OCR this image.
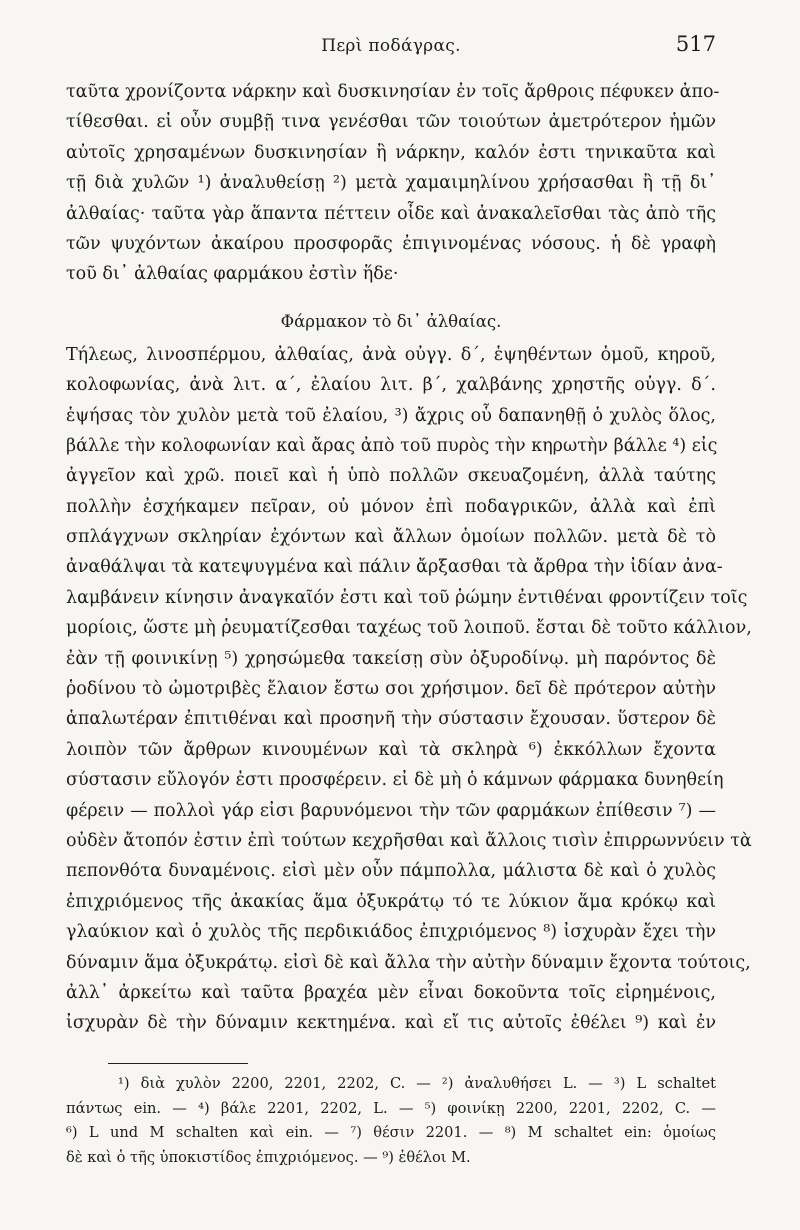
Περὶ ποδάγρας.	517
ταῦτα χρονίζοντα νάρκην καὶ δυσκινησίαν ἐν τοῖς ἄρθροις πέφυκεν ἀπο-
τίθεσθαι. εἰ οὖν συμβῇ τινα γενέσθαι τῶν τοιούτων ἀμετρότερον ἡμῶν
αὐτοῖς χρησαμένων δυσκινησίαν ἢ νάρκην, καλόν ἐστι τηνικαῦτα καὶ
τῇ διὰ χυλῶν ¹) ἀναλυθείσῃ ²) μετὰ χαμαιμηλίνου χρήσασθαι ἢ τῇ δι᾽
ἀλθαίας· ταῦτα γὰρ ἅπαντα πέττειν οἶδε καὶ ἀνακαλεῖσθαι τὰς ἀπὸ τῆς
τῶν ψυχόντων ἀκαίρου προσφορᾶς ἐπιγινομένας νόσους. ἡ δὲ γραφὴ
τοῦ δι᾽ ἀλθαίας φαρμάκου ἐστὶν ἥδε·
Φάρμακον τὸ δι᾽ ἀλθαίας.
Τήλεως, λινοσπέρμου, ἀλθαίας, ἀνὰ οὐγγ. δ΄, ἑψηθέντων ὁμοῦ, κηροῦ,
κολοφωνίας, ἀνὰ λιτ. α΄, ἐλαίου λιτ. β΄, χαλβάνης χρηστῆς οὐγγ. δ΄.
ἑψήσας τὸν χυλὸν μετὰ τοῦ ἐλαίου, ³) ἄχρις οὗ δαπανηθῇ ὁ χυλὸς ὅλος,
βάλλε τὴν κολοφωνίαν καὶ ἄρας ἀπὸ τοῦ πυρὸς τὴν κηρωτὴν βάλλε ⁴) εἰς
ἀγγεῖον καὶ χρῶ. ποιεῖ καὶ ἡ ὑπὸ πολλῶν σκευαζομένη, ἀλλὰ ταύτης
πολλὴν ἐσχήκαμεν πεῖραν, οὐ μόνον ἐπὶ ποδαγρικῶν, ἀλλὰ καὶ ἐπὶ
σπλάγχνων σκληρίαν ἐχόντων καὶ ἄλλων ὁμοίων πολλῶν. μετὰ δὲ τὸ
ἀναθάλψαι τὰ κατεψυγμένα καὶ πάλιν ἄρξασθαι τὰ ἄρθρα τὴν ἰδίαν ἀνα-
λαμβάνειν κίνησιν ἀναγκαῖόν ἐστι καὶ τοῦ ῥώμην ἐντιθέναι φροντίζειν τοῖς
μορίοις, ὥστε μὴ ῥευματίζεσθαι ταχέως τοῦ λοιποῦ. ἔσται δὲ τοῦτο κάλλιον,
ἐὰν τῇ φοινικίνῃ ⁵) χρησώμεθα τακείσῃ σὺν ὀξυροδίνῳ. μὴ παρόντος δὲ
ῥοδίνου τὸ ὠμοτριβὲς ἔλαιον ἔστω σοι χρήσιμον. δεῖ δὲ πρότερον αὐτὴν
ἁπαλωτέραν ἐπιτιθέναι καὶ προσηνῆ τὴν σύστασιν ἔχουσαν. ὕστερον δὲ
λοιπὸν τῶν ἄρθρων κινουμένων καὶ τὰ σκληρὰ ⁶) ἐκκόλλων ἔχοντα
σύστασιν εὔλογόν ἐστι προσφέρειν. εἰ δὲ μὴ ὁ κάμνων φάρμακα δυνηθείη
φέρειν — πολλοὶ γάρ εἰσι βαρυνόμενοι τὴν τῶν φαρμάκων ἐπίθεσιν ⁷) —
οὐδὲν ἄτοπόν ἐστιν ἐπὶ τούτων κεχρῆσθαι καὶ ἄλλοις τισὶν ἐπιρρωννύειν τὰ
πεπονθότα δυναμένοις. εἰσὶ μὲν οὖν πάμπολλα, μάλιστα δὲ καὶ ὁ χυλὸς
ἐπιχριόμενος τῆς ἀκακίας ἅμα ὀξυκράτῳ τό τε λύκιον ἅμα κρόκῳ καὶ
γλαύκιον καὶ ὁ χυλὸς τῆς περδικιάδος ἐπιχριόμενος ⁸) ἰσχυρὰν ἔχει τὴν
δύναμιν ἅμα ὀξυκράτῳ. εἰσὶ δὲ καὶ ἄλλα τὴν αὐτὴν δύναμιν ἔχοντα τούτοις,
ἀλλ᾽ ἀρκείτω καὶ ταῦτα βραχέα μὲν εἶναι δοκοῦντα τοῖς εἰρημένοις,
ἰσχυρὰν δὲ τὴν δύναμιν κεκτημένα. καὶ εἴ τις αὐτοῖς ἐθέλει ⁹) καὶ ἐν
¹) διὰ χυλὸν 2200, 2201, 2202, C. — ²) ἀναλυθήσει L. — ³) L schaltet
πάντως ein. — ⁴) βάλε 2201, 2202, L. — ⁵) φοινίκῃ 2200, 2201, 2202, C. —
⁶) L und M schalten καὶ ein. — ⁷) θέσιν 2201. — ⁸) M schaltet ein: ὁμοίως
δὲ καὶ ὁ τῆς ὑποκιστίδος ἐπιχριόμενος. — ⁹) ἐθέλοι M.
